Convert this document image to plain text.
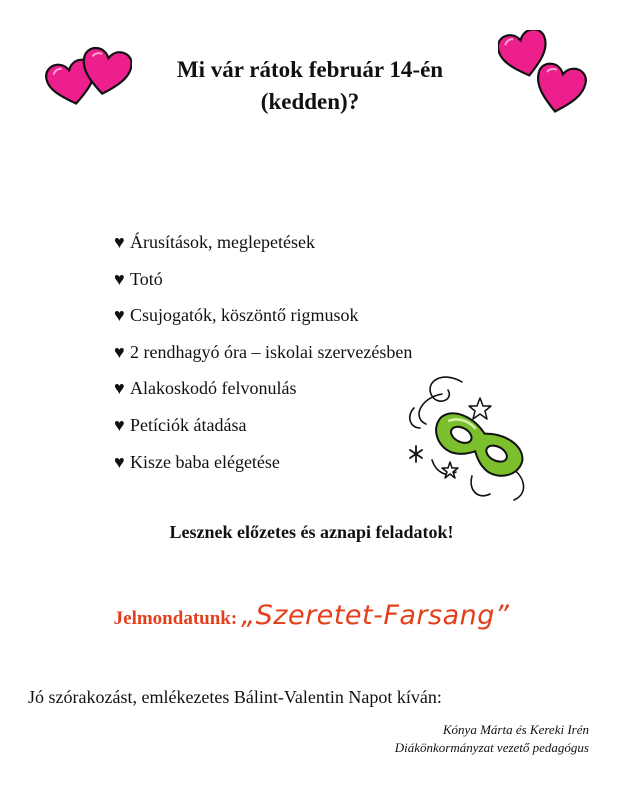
Mi vár rátok február 14-én
(kedden)?
♥ Árusítások, meglepetések
♥ Totó
♥ Csujogatók, köszöntő rigmusok
♥ 2 rendhagyó óra – iskolai szervezésben
♥ Alakoskodó felvonulás
♥ Petíciók átadása
♥ Kisze baba elégetése
Lesznek előzetes és aznapi feladatok!
Jelmondatunk: „Szeretet-Farsang”
Jó szórakozást, emlékezetes Bálint-Valentin Napot kíván:
Kónya Márta és Kereki Irén
Diákönkormányzat vezető pedagógus
